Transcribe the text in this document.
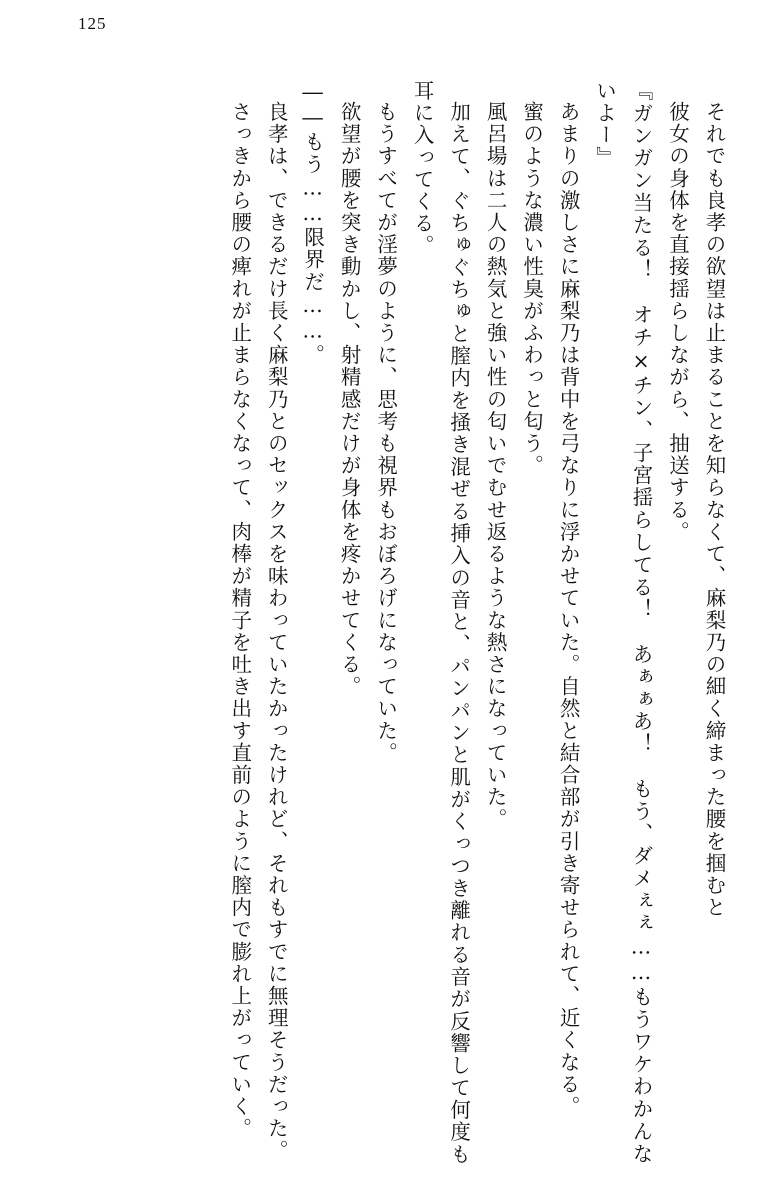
125

それでも良孝の欲望は止まることを知らなくて、麻梨乃の細く締まった腰を掴むと

彼女の身体を直接揺らしながら、抽送する。

『ガンガン当たる！　オチ×チン、子宮揺らしてる！　あぁぁあ！　もう、ダメぇぇ……もうワケわかんないよー』

あまりの激しさに麻梨乃は背中を弓なりに浮かせていた。自然と結合部が引き寄せられて、近くなる。

蜜のような濃い性臭がふわっと匂う。

風呂場は二人の熱気と強い性の匂いでむせ返るような熱さになっていた。

加えて、ぐちゅぐちゅと膣内を掻き混ぜる挿入の音と、パンパンと肌がくっつき離れる音が反響して何度も耳に入ってくる。

もうすべてが淫夢のように、思考も視界もおぼろげになっていた。

欲望が腰を突き動かし、射精感だけが身体を疼かせてくる。

――もう……限界だ……。

良孝は、できるだけ長く麻梨乃とのセックスを味わっていたかったけれど、それもすでに無理そうだった。

さっきから腰の痺れが止まらなくなって、肉棒が精子を吐き出す直前のように膣内で膨れ上がっていく。
